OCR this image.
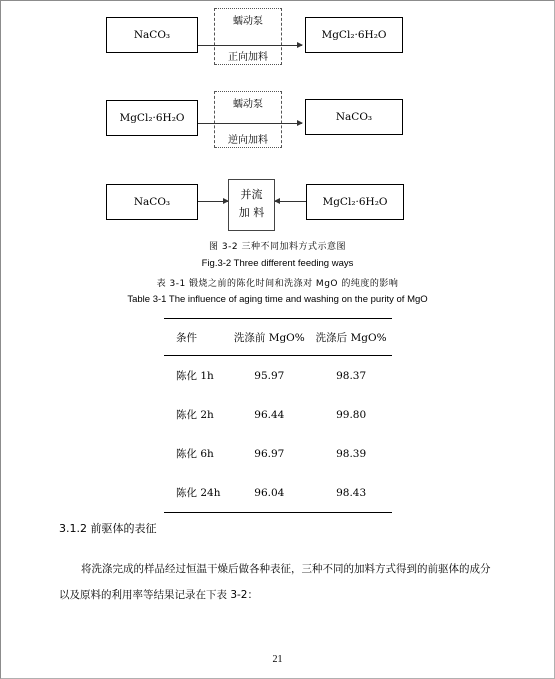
NaCO₃
蠕动泵
正向加料
MgCl₂·6H₂O
MgCl₂·6H₂O
蠕动泵
逆向加料
NaCO₃
NaCO₃
并流
加 料
MgCl₂·6H₂O
图 3-2 三种不同加料方式示意图
Fig.3-2 Three different feeding ways
表 3-1 锻烧之前的陈化时间和洗涤对 MgO 的纯度的影响
Table 3-1 The influence of aging time and washing on the purity of MgO
条件	洗涤前 MgO%	洗涤后 MgO%
陈化 1h	95.97	98.37
陈化 2h	96.44	99.80
陈化 6h	96.97	98.39
陈化 24h	96.04	98.43
3.1.2 前驱体的表征
将洗涤完成的样品经过恒温干燥后做各种表征，三种不同的加料方式得到的前驱体的成分以及原料的利用率等结果记录在下表 3-2：
21
